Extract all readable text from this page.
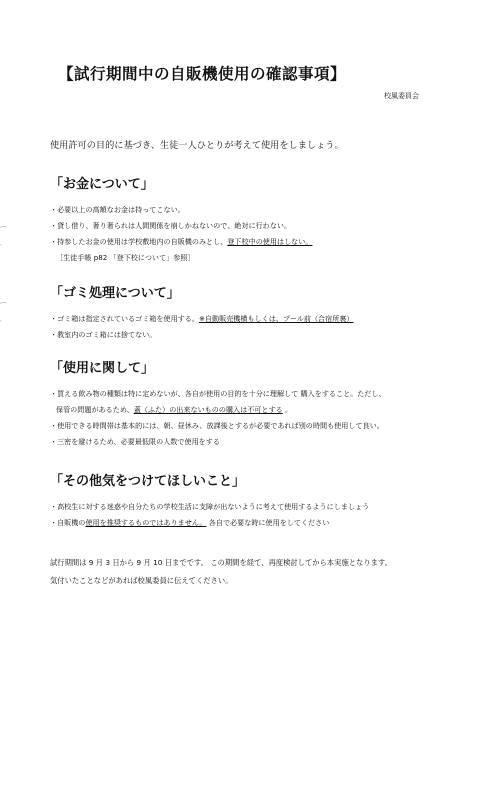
【試行期間中の自販機使用の確認事項】
校風委員会
使用許可の目的に基づき、生徒一人ひとりが考えて使用をしましょう。
「お金について」
・必要以上の高額なお金は持ってこない。
・貸し借り、奢り奢られは人間関係を崩しかねないので、絶対に行わない。
・持参したお金の使用は学校敷地内の自販機のみとし、登下校中の使用はしない。
［生徒手帳 p82 「登下校について」参照］
「ゴミ処理について」
・ゴミ箱は指定されているゴミ箱を使用する。※自動販売機横もしくは、プール前（合宿所裏）
・教室内のゴミ箱には捨てない。
「使用に関して」
・買える飲み物の種類は特に定めないが、各自が使用の目的を十分に理解して 購入をすること。ただし、
保管の問題があるため、蓋（ふた）の出来ないものの購入は不可とする 。
・使用できる時間帯は基本的には、朝、昼休み、放課後とするが必要であれば別の時間も使用して良い。
・三密を避けるため、必要最低限の人数で使用をする
「その他気をつけてほしいこと」
・高校生に対する迷惑や自分たちの学校生活に支障が出ないように考えて使用するようにしましょう
・自販機の使用を推奨するものではありません。 各自で必要な時に使用をしてください
試行期間は 9 月 3 日から 9 月 10 日までです。 この期間を経て、再度検討してから本実施となります。
気付いたことなどがあれば校風委員に伝えてください。
